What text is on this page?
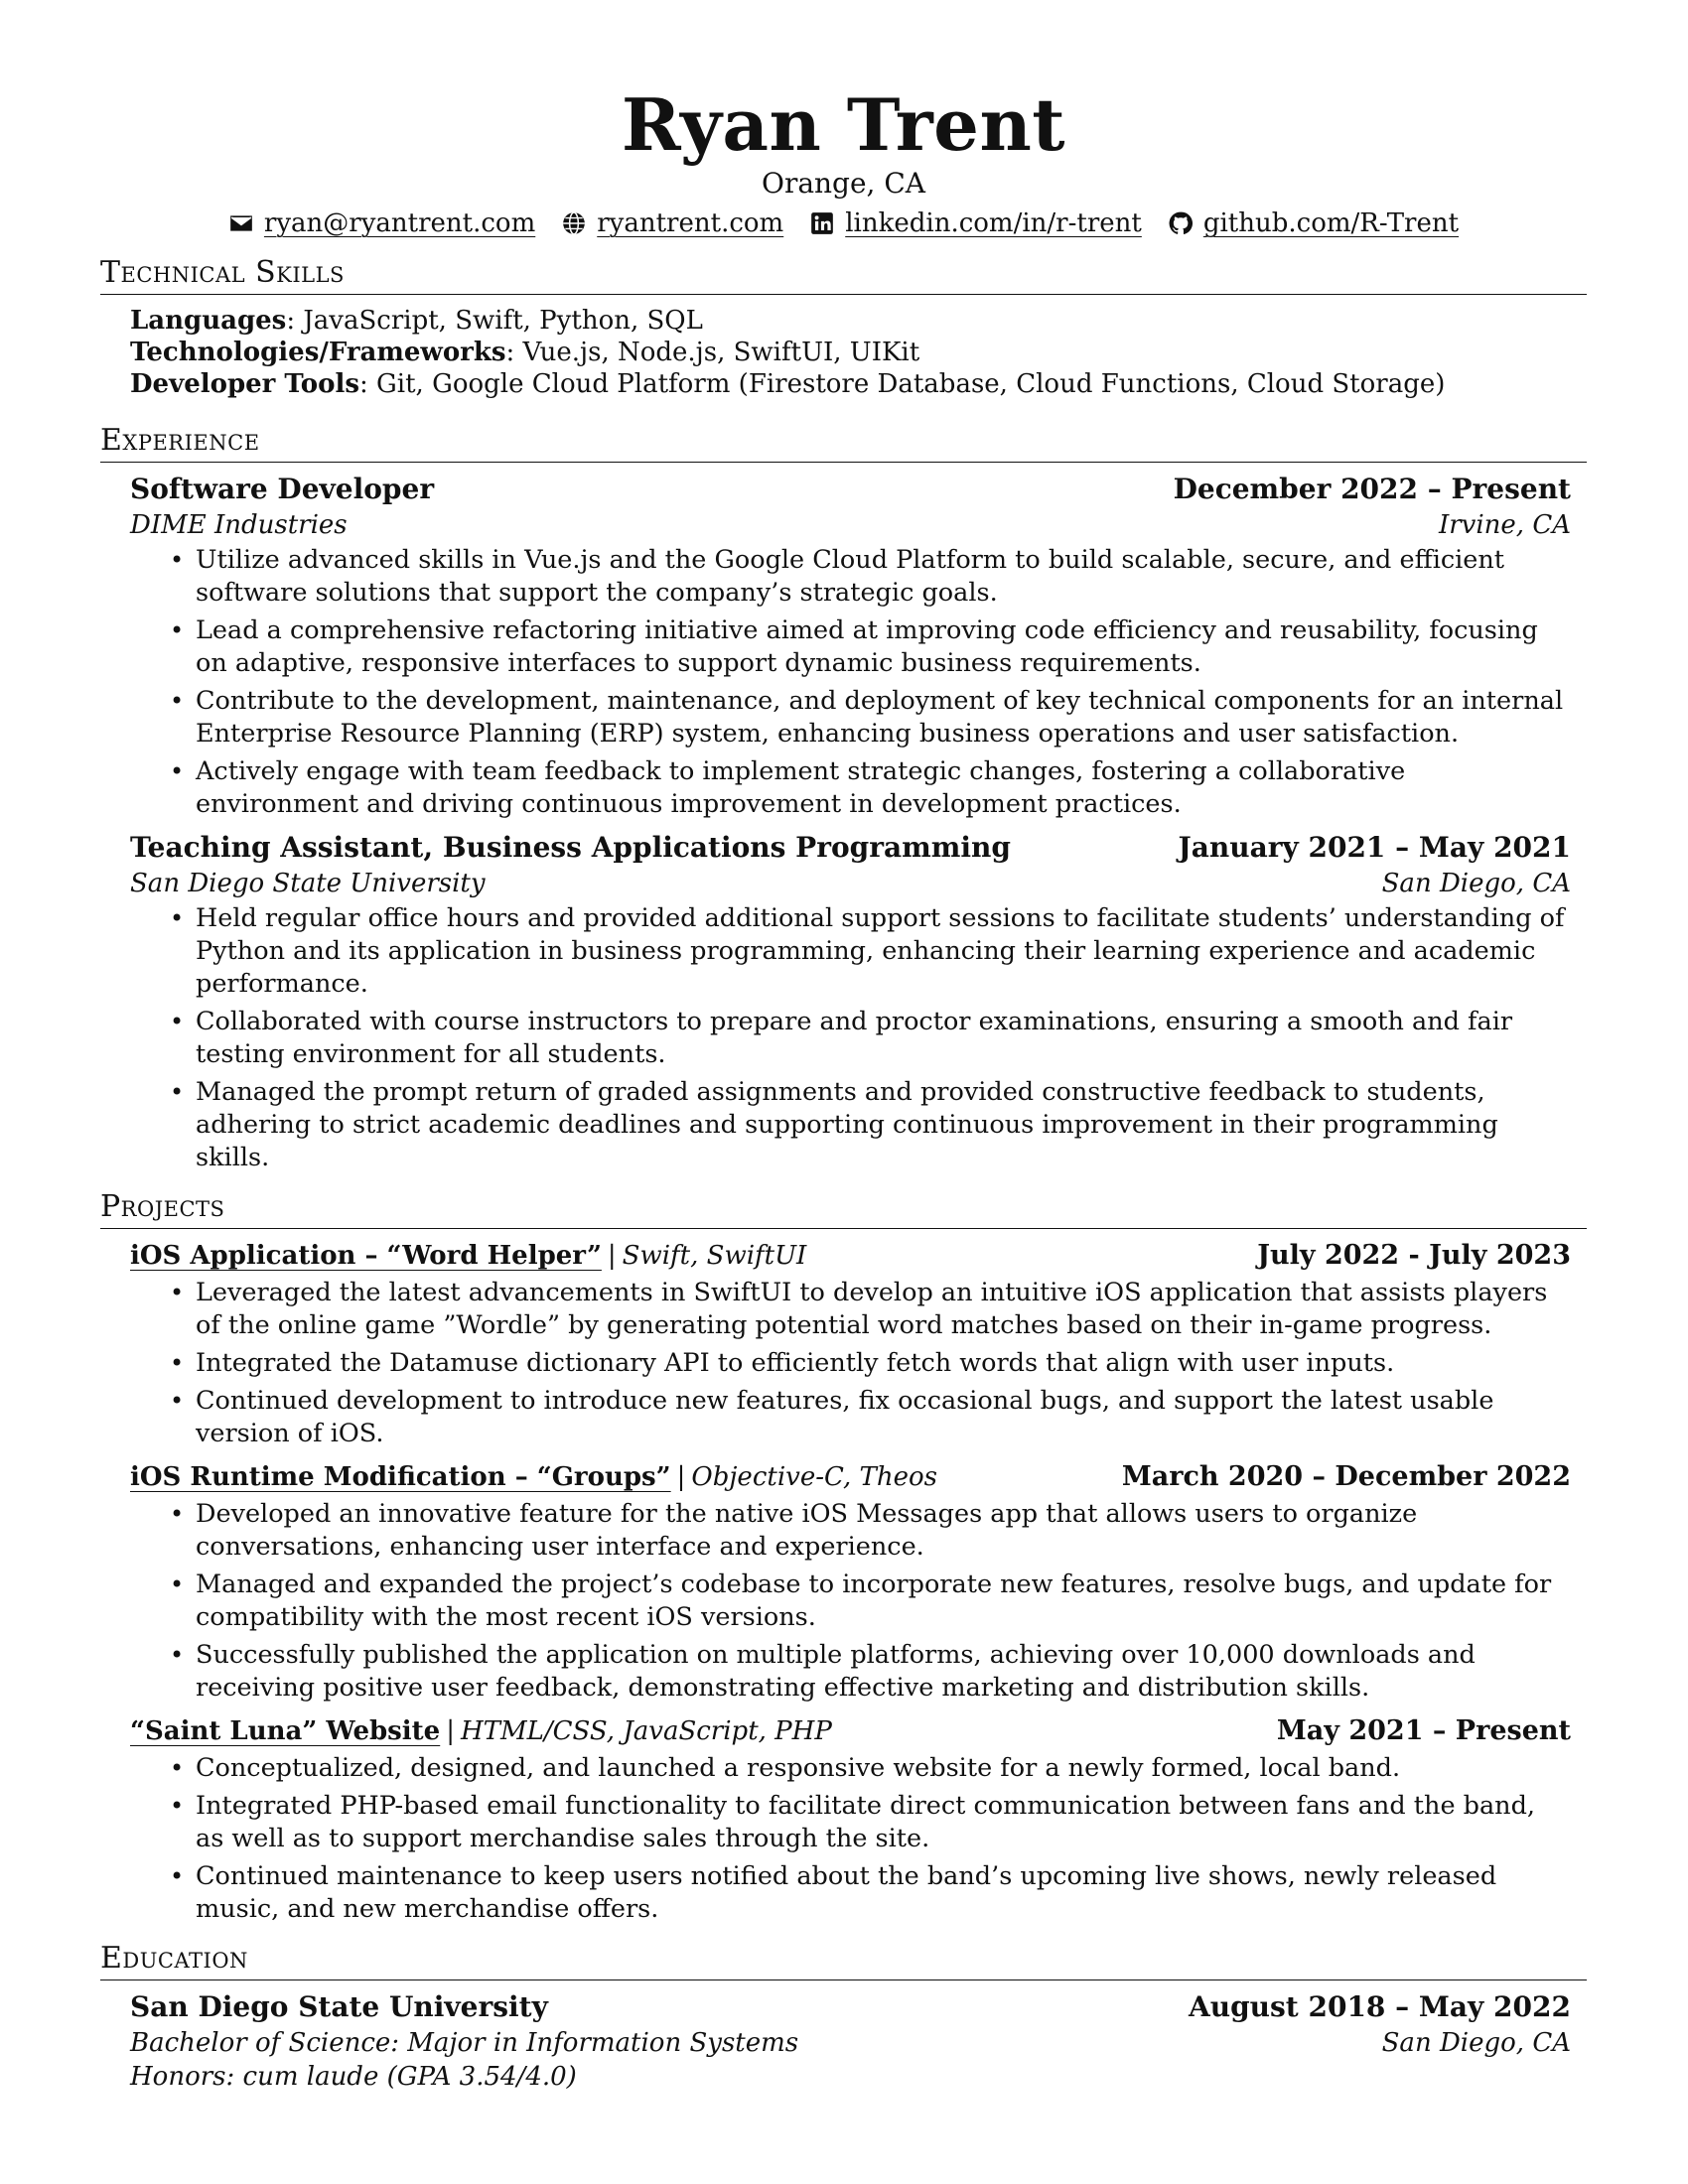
Ryan Trent
Orange, CA
ryan@ryantrent.com ryantrent.com linkedin.com/in/r-trent github.com/R-Trent
Technical Skills
Languages: JavaScript, Swift, Python, SQL
Technologies/Frameworks: Vue.js, Node.js, SwiftUI, UIKit
Developer Tools: Git, Google Cloud Platform (Firestore Database, Cloud Functions, Cloud Storage)
Experience
Software Developer	December 2022 – Present
DIME Industries	Irvine, CA
• Utilize advanced skills in Vue.js and the Google Cloud Platform to build scalable, secure, and efficient software solutions that support the company’s strategic goals.
• Lead a comprehensive refactoring initiative aimed at improving code efficiency and reusability, focusing on adaptive, responsive interfaces to support dynamic business requirements.
• Contribute to the development, maintenance, and deployment of key technical components for an internal Enterprise Resource Planning (ERP) system, enhancing business operations and user satisfaction.
• Actively engage with team feedback to implement strategic changes, fostering a collaborative environment and driving continuous improvement in development practices.
Teaching Assistant, Business Applications Programming	January 2021 – May 2021
San Diego State University	San Diego, CA
• Held regular office hours and provided additional support sessions to facilitate students’ understanding of Python and its application in business programming, enhancing their learning experience and academic performance.
• Collaborated with course instructors to prepare and proctor examinations, ensuring a smooth and fair testing environment for all students.
• Managed the prompt return of graded assignments and provided constructive feedback to students, adhering to strict academic deadlines and supporting continuous improvement in their programming skills.
Projects
iOS Application – “Word Helper” | Swift, SwiftUI	July 2022 - July 2023
• Leveraged the latest advancements in SwiftUI to develop an intuitive iOS application that assists players of the online game ”Wordle” by generating potential word matches based on their in-game progress.
• Integrated the Datamuse dictionary API to efficiently fetch words that align with user inputs.
• Continued development to introduce new features, fix occasional bugs, and support the latest usable version of iOS.
iOS Runtime Modification – “Groups” | Objective-C, Theos	March 2020 – December 2022
• Developed an innovative feature for the native iOS Messages app that allows users to organize conversations, enhancing user interface and experience.
• Managed and expanded the project’s codebase to incorporate new features, resolve bugs, and update for compatibility with the most recent iOS versions.
• Successfully published the application on multiple platforms, achieving over 10,000 downloads and receiving positive user feedback, demonstrating effective marketing and distribution skills.
“Saint Luna” Website | HTML/CSS, JavaScript, PHP	May 2021 – Present
• Conceptualized, designed, and launched a responsive website for a newly formed, local band.
• Integrated PHP-based email functionality to facilitate direct communication between fans and the band, as well as to support merchandise sales through the site.
• Continued maintenance to keep users notified about the band’s upcoming live shows, newly released music, and new merchandise offers.
Education
San Diego State University	August 2018 – May 2022
Bachelor of Science: Major in Information Systems	San Diego, CA
Honors: cum laude (GPA 3.54/4.0)
